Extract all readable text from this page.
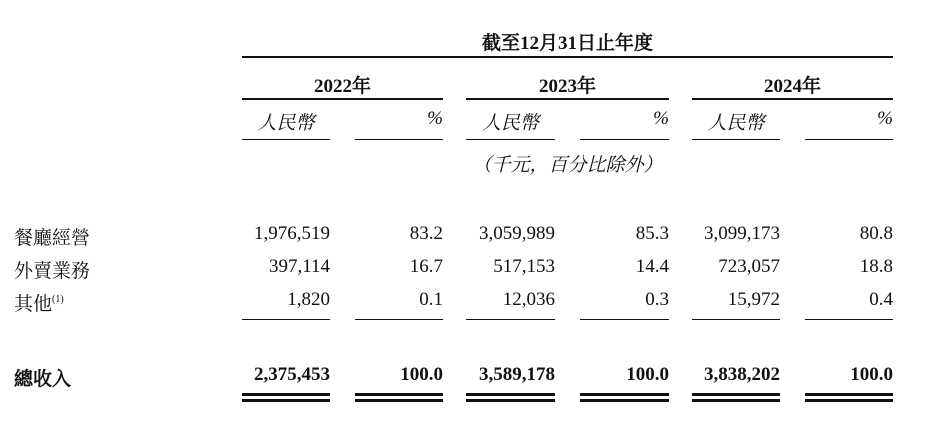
截至12月31日止年度
2022年	2023年	2024年
人民幣	%	人民幣	%	人民幣	%
（千元，百分比除外）
餐廳經營	1,976,519	83.2	3,059,989	85.3	3,099,173	80.8
外賣業務	397,114	16.7	517,153	14.4	723,057	18.8
其他$^{(1)}$	1,820	0.1	12,036	0.3	15,972	0.4
總收入	2,375,453	100.0	3,589,178	100.0	3,838,202	100.0
